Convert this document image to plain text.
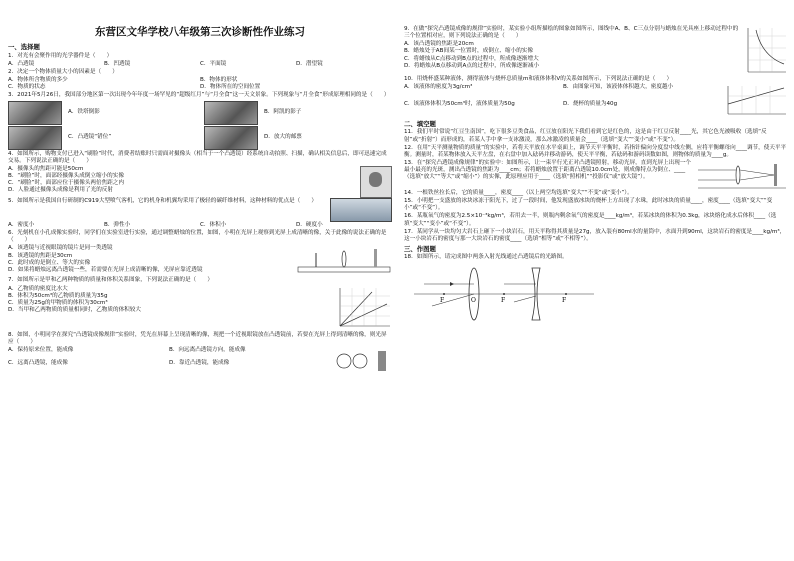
东营区文华学校八年级第三次诊断性作业练习
一、选择题
1．对光有会聚作用的光学器件是（　　）
A．凸透镜	B．凹透镜	C．平面镜	D．潜望镜
2．决定一个物体质量大小的因素是（　　）
A．物体所含物质的多少	B．物体的形状
C．物质的状态	D．物体所在的空间位置
3．2021年5月26日，我国部分地区第一次出现今年年度一场罕见的“超级红月”与“月全食”这一天文景象。下列现象与“月全食”形成原理相同的是（　　）
A．铁塔倒影	B．阿凯的影子
C．凸透镜“错位”	D．放大的邮票
4．如图所示，购物支付已进入“刷脸”时代，消费者结账时只需面对摄像头（相当于一个凸透镜）经系统自动拍照、扫描，确认相关信息后，即可迅速完成交易。下列说法正确的是（　　）
A．摄像头的焦距可能是50cm
B．“刷脸”时，面部经摄像头成倒立缩小的实像
C．“刷脸”时，面部应位于摄像头两倍焦距之内
D．人脸通过摄像头成像是利用了光的反射
5．如图所示是我国自行研制的C919大型喷气客机，它的机身和机翼均采用了极轻的碳纤维材料，这种材料的优点是（　　）
A．密度小	B．弹性小	C．体积小	D．硬度小
6．光刻机在小孔成像实验时，同学们在实验室进行实验，通过调整蜡烛的位置，如图，小明在光屏上观察到光屏上成清晰的像，关于此像的说法正确的是（　　）
A．该透镜与近视眼镜的镜片是同一类透镜
B．该透镜的焦距是30cm
C．此时成的是倒立、等大的实像
D．如果将蜡烛远离凸透镜一些，若需要在光屏上成清晰的像，光屏应靠近透镜
7．如图所示是甲和乙两种物质的质量和体积关系图象，下列说法正确的是（　　）
A．乙物质的密度比水大
B．体积为50cm³的乙物质的质量为35g
C．质量为25g的甲物质的体积为30cm³
D．当甲和乙两物质的质量相同时，乙物质的体积较大
8．如图，小明同学在探究“凸透镜成像规律”实验时，凭光在屏幕上呈现清晰的像，现把一个近视眼镜放在凸透镜前，若要在光屏上得到清晰的像，则光屏应（　　）
A．保持原来位置，能成像	B．向远离凸透镜方向，能成像
C．远离凸透镜，能成像	D．靠近凸透镜，能成像
9．在做“探究凸透镜成像的规律”实验时，某实验小组所描绘的图象如图所示，图线中A、B、C三点分别与蜡烛在光具座上移动过程中的三个位置相对应，则下列说法正确的是（　　）
A．该凸透镜的焦距是20cm
B．蜡烛处于AB间某一位置时，成倒立、缩小的实像
C．将蜡烛从C点移动到B点的过程中，所成像逐渐增大
D．将蜡烛从B点移动到A点的过程中，所成像逐渐减小
10．用烧杯盛某种液体，测得液体与烧杯总质量m和液体体积V的关系如图所示，下列说法正确的是（　　）
A．该液体的密度为3g/cm³	B．由图象可知，该液体体积越大，密度越小
C．该液体体积为50cm³时，液体质量为50g	D．烧杯的质量为40g
二、填空题
11．我们平时常说“红豆生南国”，吃下很多豆类食品，红豆放在阳光下我们看到它是红色的，这是由于红豆反射____光，其它色光被吸收（选填“反射”或“折射”）而形成的，若某人手中拿一支冰激凌，那么冰激凌的质量会____（选填“变大”“变小”或“不变”）。
12．在用“天平测量物质的质量”的实验中，若将天平放在水平桌面上，调节天平平衡时，若指针偏向分度盘中线左侧，应将平衡螺母向____调节，使天平平衡。测量时，若某物体放入天平左盘，在右盘中加入砝码并移动游码，使天平平衡，若砝码和游码读数如图，则物体的质量为____g。
13．在“探究凸透镜成像规律”的实验中：如图所示，让一束平行光正对凸透镜照射，移动光屏，直到光屏上出现一个最小最亮的光斑，测出凸透镜的焦距为____cm；若将蜡烛放置于距离凸透镜10.0cm处，则成像特点为倒立、____（选填“放大”“等大”或“缩小”）的实像，此原理应用于____（选填“照相机”“投影仪”或“放大镜”）。
14．一根铁丝拉长后，它的质量____，密度____（以上两空均选填“变大”“不变”或“变小”）。
15．小明把一支盛放的冰块冰冻于阳光下，过了一段时间，他发现盛放冰块的烧杯上方出现了水珠，此时冰块的质量____，密度____（选填“变大”“变小”或“不变”）。
16．某瓶氧气的密度为2.5×10⁻³kg/m³，若用去一半，则瓶内剩余氧气的密度是____kg/m³，若某冰块的体积为0.3kg，冰块熔化成水后体积____（选填“变大”“变小”或“不变”）。
17．某同学从一块均匀大岩石上砸下一小块岩石，用天平称得其质量是27g，放入装有80ml水的量筒中，水面升到90ml，这块岩石的密度是____kg/m³，这一小块岩石的密度与那一大块岩石的密度____（选填“相等”或“不相等”）。
三、作图题
18．如图所示，请完成图中两条入射光线通过凸透镜后的光路图。
F	F	F
O
